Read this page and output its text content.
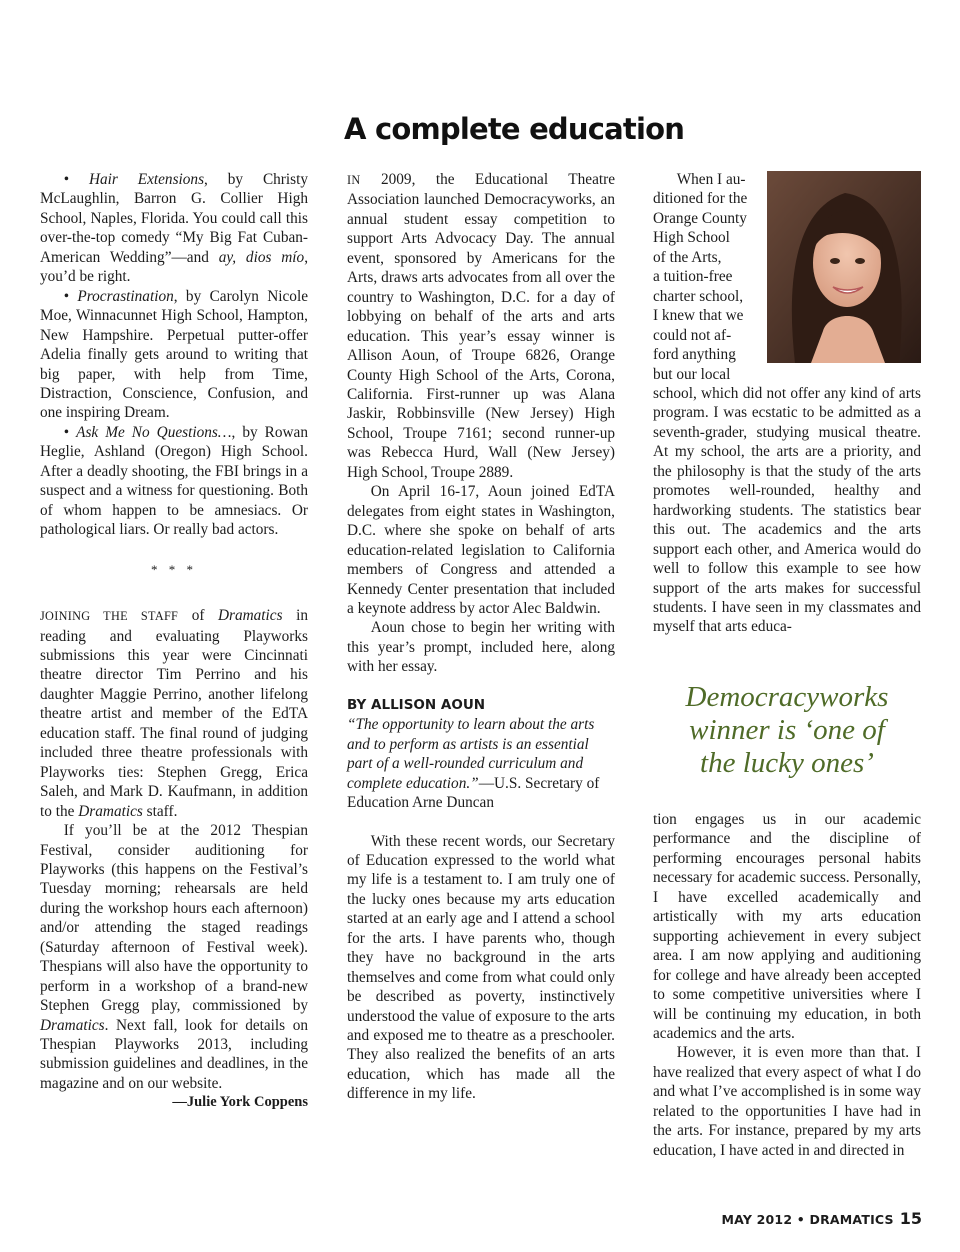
A complete education

• Hair Extensions, by Christy McLaughlin, Barron G. Collier High School, Naples, Florida. You could call this over-the-top comedy “My Big Fat Cuban-American Wedding”—and ay, dios mío, you’d be right.

• Procrastination, by Carolyn Nicole Moe, Winnacunnet High School, Hampton, New Hampshire. Perpetual putter-offer Adelia finally gets around to writing that big paper, with help from Time, Distraction, Conscience, Confusion, and one inspiring Dream.

• Ask Me No Questions…, by Rowan Heglie, Ashland (Oregon) High School. After a deadly shooting, the FBI brings in a suspect and a witness for questioning. Both of whom happen to be amnesiacs. Or pathological liars. Or really bad actors.

* * *

JOINING THE STAFF of Dramatics in reading and evaluating Playworks submissions this year were Cincinnati theatre director Tim Perrino and his daughter Maggie Perrino, another lifelong theatre artist and member of the EdTA education staff. The final round of judging included three theatre professionals with Playworks ties: Stephen Gregg, Erica Saleh, and Mark D. Kaufmann, in addition to the Dramatics staff.

If you’ll be at the 2012 Thespian Festival, consider auditioning for Playworks (this happens on the Festival’s Tuesday morning; rehearsals are held during the workshop hours each afternoon) and/or attending the staged readings (Saturday afternoon of Festival week). Thespians will also have the opportunity to perform in a workshop of a brand-new Stephen Gregg play, commissioned by Dramatics. Next fall, look for details on Thespian Playworks 2013, including submission guidelines and deadlines, in the magazine and on our website.

—Julie York Coppens

IN 2009, the Educational Theatre Association launched Democracyworks, an annual student essay competition to support Arts Advocacy Day. The annual event, sponsored by Americans for the Arts, draws arts advocates from all over the country to Washington, D.C. for a day of lobbying on behalf of the arts and arts education. This year’s essay winner is Allison Aoun, of Troupe 6826, Orange County High School of the Arts, Corona, California. First-runner up was Alana Jaskir, Robbinsville (New Jersey) High School, Troupe 7161; second runner-up was Rebecca Hurd, Wall (New Jersey) High School, Troupe 2889.

On April 16-17, Aoun joined EdTA delegates from eight states in Washington, D.C. where she spoke on behalf of arts education-related legislation to California members of Congress and attended a Kennedy Center presentation that included a keynote address by actor Alec Baldwin.

Aoun chose to begin her writing with this year’s prompt, included here, along with her essay.

BY ALLISON AOUN

“The opportunity to learn about the arts and to perform as artists is an essential part of a well-rounded curriculum and complete education.”—U.S. Secretary of Education Arne Duncan

With these recent words, our Secretary of Education expressed to the world what my life is a testament to. I am truly one of the lucky ones because my arts education started at an early age and I attend a school for the arts. I have parents who, though they have no background in the arts themselves and come from what could only be described as poverty, instinctively understood the value of exposure to the arts and exposed me to theatre as a preschooler. They also realized the benefits of an arts education, which has made all the difference in my life.

When I au-
ditioned for the
Orange County
High School
of the Arts,
a tuition-free
charter school,
I knew that we
could not af-
ford anything
but our local

school, which did not offer any kind of arts program. I was ecstatic to be admitted as a seventh-grader, studying musical theatre. At my school, the arts are a priority, and the philosophy is that the study of the arts promotes well-rounded, healthy and hardworking students. The statistics bear this out. The academics and the arts support each other, and America would do well to follow this example to see how support of the arts makes for successful students. I have seen in my classmates and myself that arts educa-

Democracyworks
winner is ‘one of
the lucky ones’

tion engages us in our academic performance and the discipline of performing encourages personal habits necessary for academic success. Personally, I have excelled academically and artistically with my arts education supporting achievement in every subject area. I am now applying and auditioning for college and have already been accepted to some competitive universities where I will be continuing my education, in both academics and the arts.

However, it is even more than that. I have realized that every aspect of what I do and what I’ve accomplished is in some way related to the opportunities I have had in the arts. For instance, prepared by my arts education, I have acted in and directed in

MAY 2012 • DRAMATICS 15
